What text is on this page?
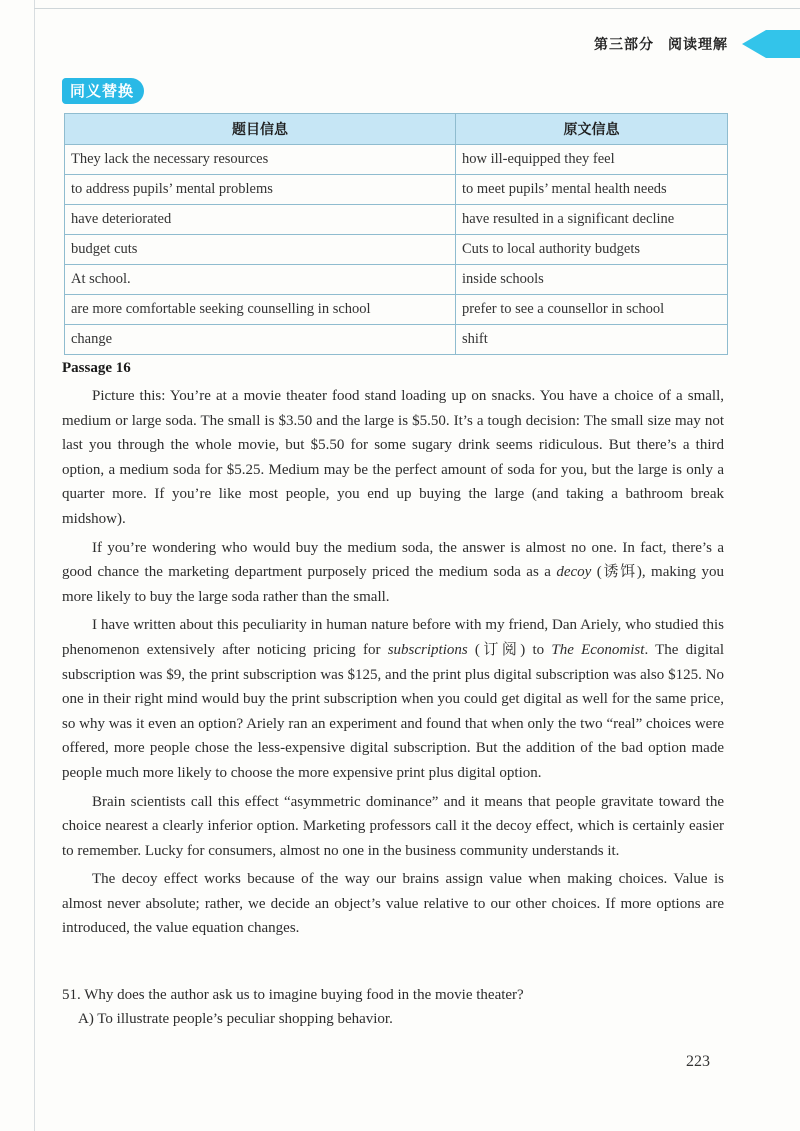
第三部分 阅读理解
同义替换
题目信息	原文信息
They lack the necessary resources	how ill-equipped they feel
to address pupils’ mental problems	to meet pupils’ mental health needs
have deteriorated	have resulted in a significant decline
budget cuts	Cuts to local authority budgets
At school.	inside schools
are more comfortable seeking counselling in school	prefer to see a counsellor in school
change	shift
Passage 16

Picture this: You’re at a movie theater food stand loading up on snacks. You have a choice of a small, medium or large soda. The small is $3.50 and the large is $5.50. It’s a tough decision: The small size may not last you through the whole movie, but $5.50 for some sugary drink seems ridiculous. But there’s a third option, a medium soda for $5.25. Medium may be the perfect amount of soda for you, but the large is only a quarter more. If you’re like most people, you end up buying the large (and taking a bathroom break midshow).

If you’re wondering who would buy the medium soda, the answer is almost no one. In fact, there’s a good chance the marketing department purposely priced the medium soda as a decoy (诱饵), making you more likely to buy the large soda rather than the small.

I have written about this peculiarity in human nature before with my friend, Dan Ariely, who studied this phenomenon extensively after noticing pricing for subscriptions (订阅) to The Economist. The digital subscription was $9, the print subscription was $125, and the print plus digital subscription was also $125. No one in their right mind would buy the print subscription when you could get digital as well for the same price, so why was it even an option? Ariely ran an experiment and found that when only the two “real” choices were offered, more people chose the less-expensive digital subscription. But the addition of the bad option made people much more likely to choose the more expensive print plus digital option.

Brain scientists call this effect “asymmetric dominance” and it means that people gravitate toward the choice nearest a clearly inferior option. Marketing professors call it the decoy effect, which is certainly easier to remember. Lucky for consumers, almost no one in the business community understands it.

The decoy effect works because of the way our brains assign value when making choices. Value is almost never absolute; rather, we decide an object’s value relative to our other choices. If more options are introduced, the value equation changes.

51. Why does the author ask us to imagine buying food in the movie theater?
A) To illustrate people’s peculiar shopping behavior.
223
